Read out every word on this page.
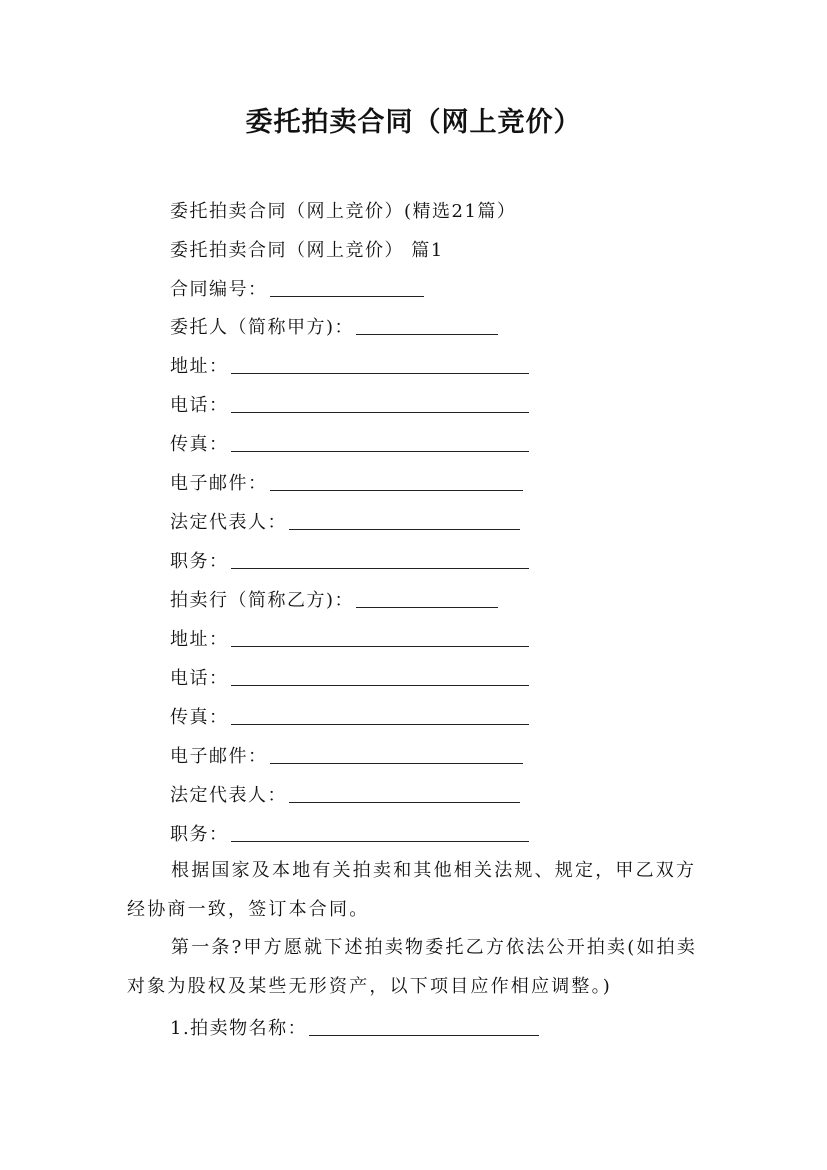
委托拍卖合同（网上竞价）
委托拍卖合同（网上竞价）(精选21篇）
委托拍卖合同（网上竞价） 篇1
合同编号：
委托人（简称甲方)：
地址：
电话：
传真：
电子邮件：
法定代表人：
职务：
拍卖行（简称乙方)：
地址：
电话：
传真：
电子邮件：
法定代表人：
职务：
根据国家及本地有关拍卖和其他相关法规、规定，甲乙双方经协商一致，签订本合同。
第一条?甲方愿就下述拍卖物委托乙方依法公开拍卖(如拍卖对象为股权及某些无形资产，以下项目应作相应调整。)
1.拍卖物名称：
